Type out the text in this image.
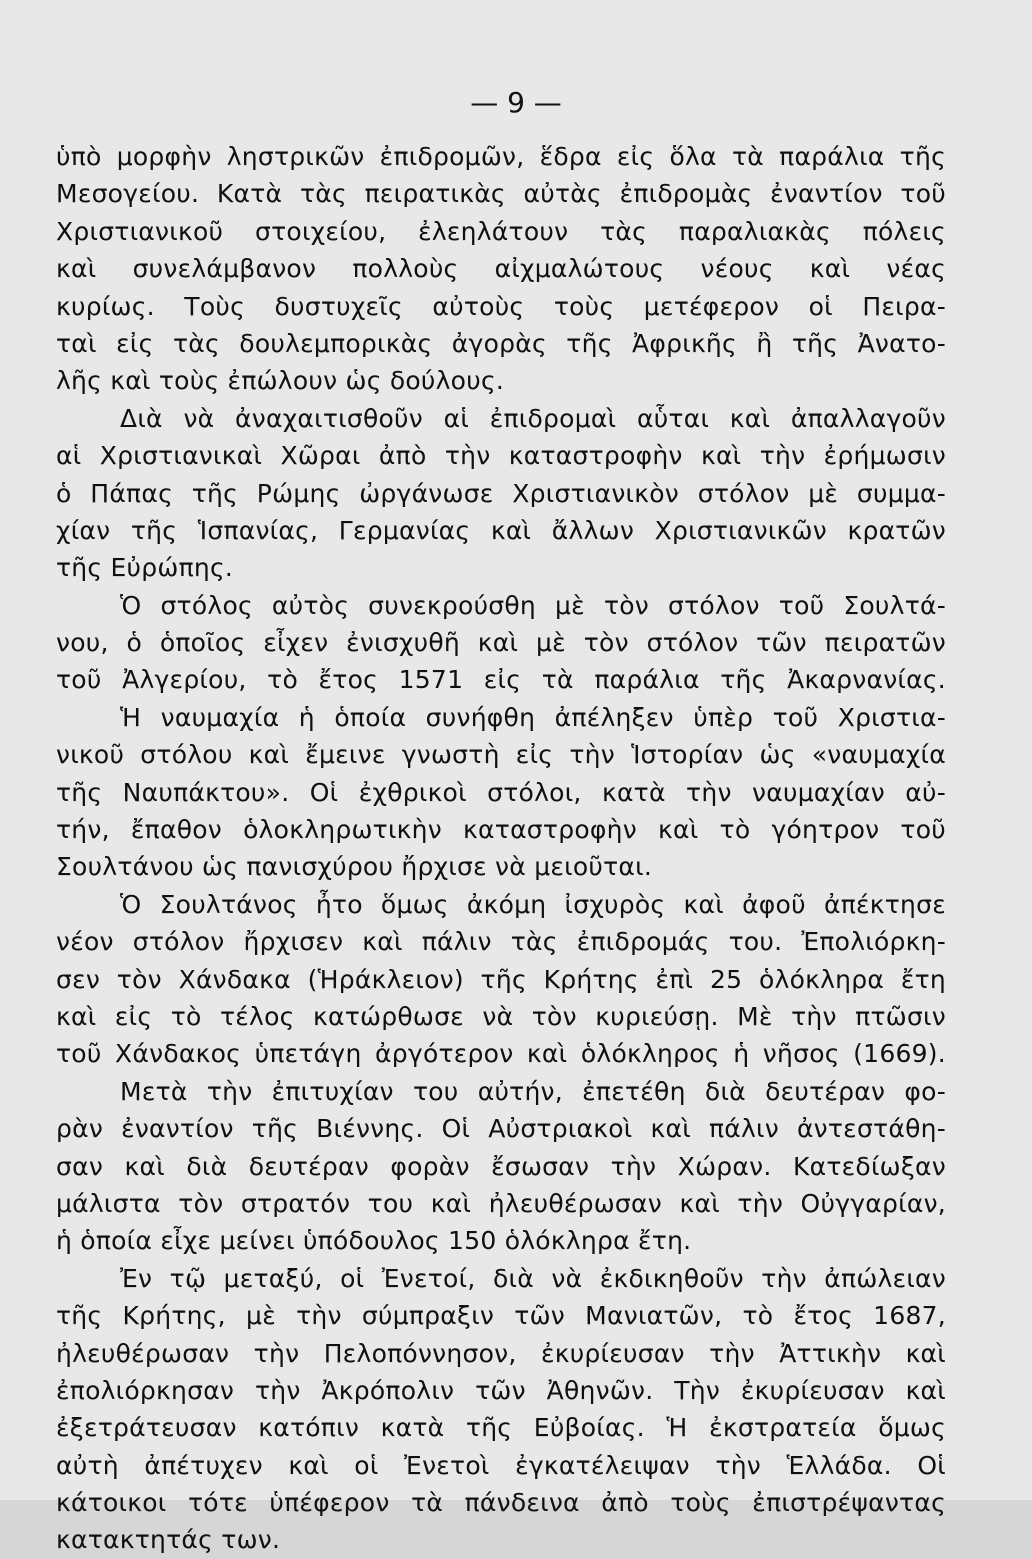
— 9 —
ὑπὸ μορφὴν ληστρικῶν ἐπιδρομῶν, ἕδρα εἰς ὅλα τὰ παράλια τῆς
Μεσογείου. Κατὰ τὰς πειρατικὰς αὐτὰς ἐπιδρομὰς ἐναντίον τοῦ
Χριστιανικοῦ στοιχείου, ἐλεηλάτουν τὰς παραλιακὰς πόλεις
καὶ συνελάμβανον πολλοὺς αἰχμαλώτους νέους καὶ νέας
κυρίως. Τοὺς δυστυχεῖς αὐτοὺς τοὺς μετέφερον οἱ Πειρα-
ταὶ εἰς τὰς δουλεμπορικὰς ἀγορὰς τῆς Ἀφρικῆς ἢ τῆς Ἀνατο-
λῆς καὶ τοὺς ἐπώλουν ὡς δούλους.
Διὰ νὰ ἀναχαιτισθοῦν αἱ ἐπιδρομαὶ αὗται καὶ ἀπαλλαγοῦν
αἱ Χριστιανικαὶ Χῶραι ἀπὸ τὴν καταστροφὴν καὶ τὴν ἐρήμωσιν
ὁ Πάπας τῆς Ρώμης ὠργάνωσε Χριστιανικὸν στόλον μὲ συμμα-
χίαν τῆς Ἱσπανίας, Γερμανίας καὶ ἄλλων Χριστιανικῶν κρατῶν
τῆς Εὐρώπης.
Ὁ στόλος αὐτὸς συνεκρούσθη μὲ τὸν στόλον τοῦ Σουλτά-
νου, ὁ ὁποῖος εἶχεν ἐνισχυθῆ καὶ μὲ τὸν στόλον τῶν πειρατῶν
τοῦ Ἀλγερίου, τὸ ἔτος 1571 εἰς τὰ παράλια τῆς Ἀκαρνανίας.
Ἡ ναυμαχία ἡ ὁποία συνήφθη ἀπέληξεν ὑπὲρ τοῦ Χριστια-
νικοῦ στόλου καὶ ἔμεινε γνωστὴ εἰς τὴν Ἱστορίαν ὡς «ναυμαχία
τῆς Ναυπάκτου». Οἱ ἐχθρικοὶ στόλοι, κατὰ τὴν ναυμαχίαν αὐ-
τήν, ἔπαθον ὁλοκληρωτικὴν καταστροφὴν καὶ τὸ γόητρον τοῦ
Σουλτάνου ὡς πανισχύρου ἤρχισε νὰ μειοῦται.
Ὁ Σουλτάνος ἦτο ὅμως ἀκόμη ἰσχυρὸς καὶ ἀφοῦ ἀπέκτησε
νέον στόλον ἤρχισεν καὶ πάλιν τὰς ἐπιδρομάς του. Ἐπολιόρκη-
σεν τὸν Χάνδακα (Ἡράκλειον) τῆς Κρήτης ἐπὶ 25 ὁλόκληρα ἔτη
καὶ εἰς τὸ τέλος κατώρθωσε νὰ τὸν κυριεύσῃ. Μὲ τὴν πτῶσιν
τοῦ Χάνδακος ὑπετάγη ἀργότερον καὶ ὁλόκληρος ἡ νῆσος (1669).
Μετὰ τὴν ἐπιτυχίαν του αὐτήν, ἐπετέθη διὰ δευτέραν φο-
ρὰν ἐναντίον τῆς Βιέννης. Οἱ Αὐστριακοὶ καὶ πάλιν ἀντεστάθη-
σαν καὶ διὰ δευτέραν φορὰν ἔσωσαν τὴν Χώραν. Κατεδίωξαν
μάλιστα τὸν στρατόν του καὶ ἠλευθέρωσαν καὶ τὴν Οὐγγαρίαν,
ἡ ὁποία εἶχε μείνει ὑπόδουλος 150 ὁλόκληρα ἔτη.
Ἐν τῷ μεταξύ, οἱ Ἐνετοί, διὰ νὰ ἐκδικηθοῦν τὴν ἀπώλειαν
τῆς Κρήτης, μὲ τὴν σύμπραξιν τῶν Μανιατῶν, τὸ ἔτος 1687,
ἠλευθέρωσαν τὴν Πελοπόννησον, ἐκυρίευσαν τὴν Ἀττικὴν καὶ
ἐπολιόρκησαν τὴν Ἀκρόπολιν τῶν Ἀθηνῶν. Τὴν ἐκυρίευσαν καὶ
ἐξετράτευσαν κατόπιν κατὰ τῆς Εὐβοίας. Ἡ ἐκστρατεία ὅμως
αὐτὴ ἀπέτυχεν καὶ οἱ Ἐνετοὶ ἐγκατέλειψαν τὴν Ἑλλάδα. Οἱ
κάτοικοι τότε ὑπέφερον τὰ πάνδεινα ἀπὸ τοὺς ἐπιστρέψαντας
κατακτητάς των.
